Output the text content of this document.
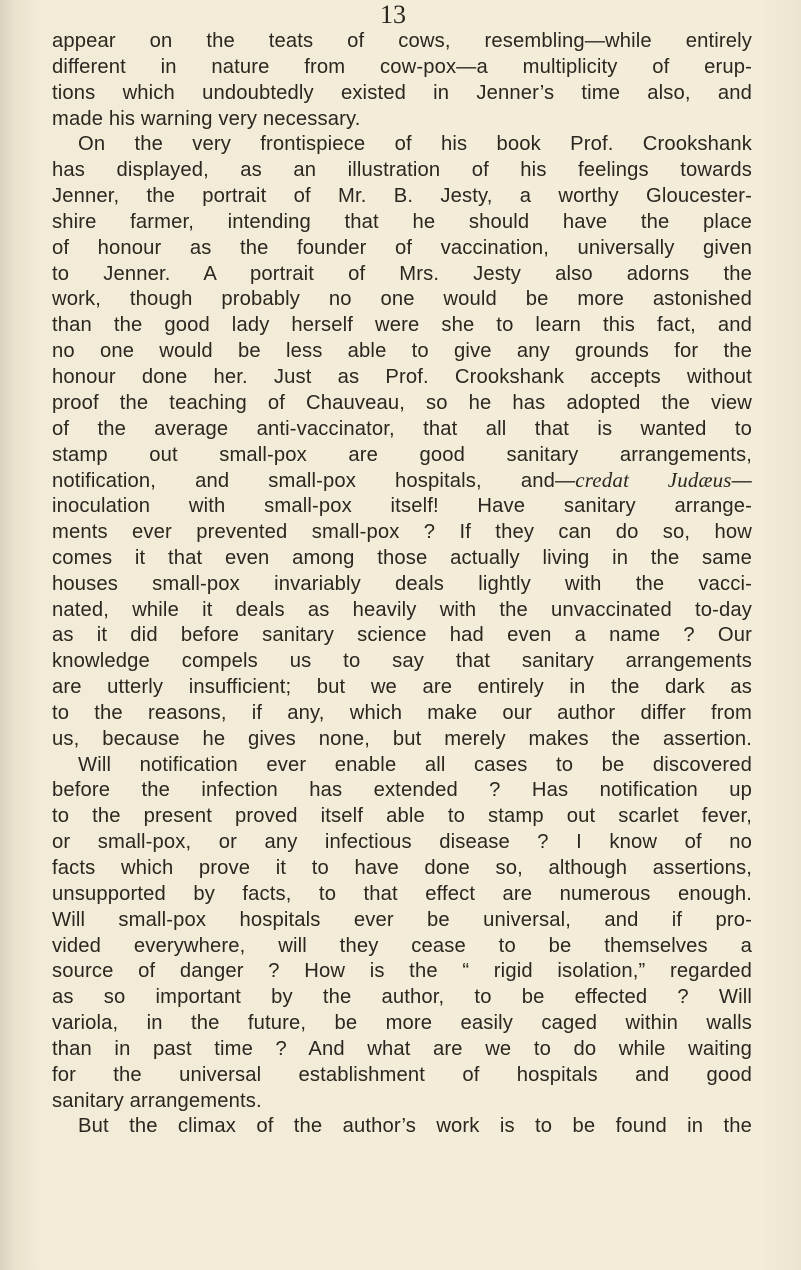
13
appear on the teats of cows, resembling—while entirely
different in nature from cow-pox—a multiplicity of erup-
tions which undoubtedly existed in Jenner’s time also, and
made his warning very necessary.
On the very frontispiece of his book Prof. Crookshank
has displayed, as an illustration of his feelings towards
Jenner, the portrait of Mr. B. Jesty, a worthy Gloucester-
shire farmer, intending that he should have the place
of honour as the founder of vaccination, universally given
to Jenner. A portrait of Mrs. Jesty also adorns the
work, though probably no one would be more astonished
than the good lady herself were she to learn this fact, and
no one would be less able to give any grounds for the
honour done her. Just as Prof. Crookshank accepts without
proof the teaching of Chauveau, so he has adopted the view
of the average anti-vaccinator, that all that is wanted to
stamp out small-pox are good sanitary arrangements,
notification, and small-pox hospitals, and—credat Judæus—
inoculation with small-pox itself! Have sanitary arrange-
ments ever prevented small-pox ? If they can do so, how
comes it that even among those actually living in the same
houses small-pox invariably deals lightly with the vacci-
nated, while it deals as heavily with the unvaccinated to-day
as it did before sanitary science had even a name ? Our
knowledge compels us to say that sanitary arrangements
are utterly insufficient; but we are entirely in the dark as
to the reasons, if any, which make our author differ from
us, because he gives none, but merely makes the assertion.
Will notification ever enable all cases to be discovered
before the infection has extended ? Has notification up
to the present proved itself able to stamp out scarlet fever,
or small-pox, or any infectious disease ? I know of no
facts which prove it to have done so, although assertions,
unsupported by facts, to that effect are numerous enough.
Will small-pox hospitals ever be universal, and if pro-
vided everywhere, will they cease to be themselves a
source of danger ? How is the “ rigid isolation,” regarded
as so important by the author, to be effected ? Will
variola, in the future, be more easily caged within walls
than in past time ? And what are we to do while waiting
for the universal establishment of hospitals and good
sanitary arrangements.
But the climax of the author’s work is to be found in the
